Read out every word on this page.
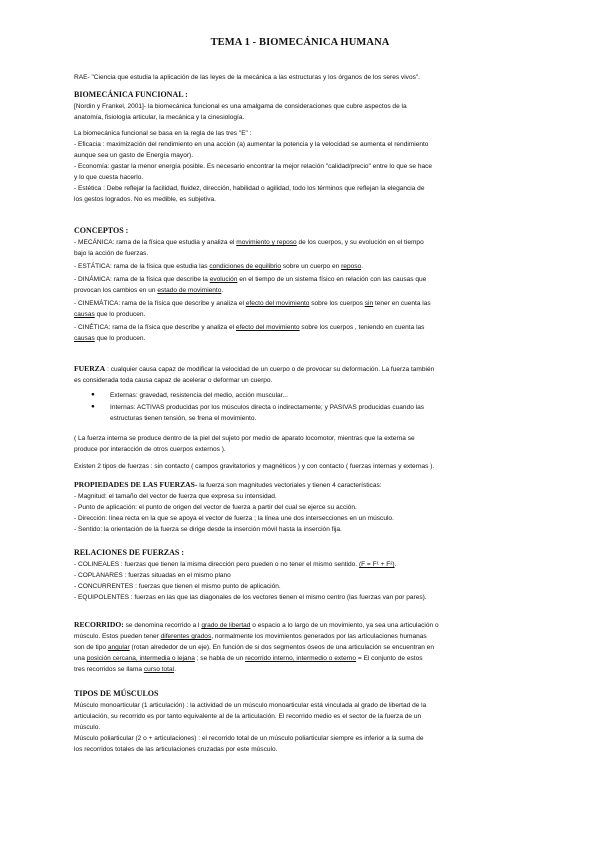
TEMA 1 - BIOMECÁNICA HUMANA
RAE- "Ciencia que estudia la aplicación de las leyes de la mecánica a las estructuras y los órganos de los seres vivos".
BIOMECÁNICA FUNCIONAL :
[Nordin y Frankel, 2001]- la biomecánica funcional es una amalgama de consideraciones que cubre aspectos de la
anatomía, fisiología articular, la mecánica y la cinesiología.
La biomecánica funcional se basa en la regla de las tres "E" :
- Eficacia : maximización del rendimiento en una acción (a) aumentar la potencia y la velocidad se aumenta el rendimiento
aunque sea un gasto de Energía mayor).
- Economía: gastar la menor energía posible. Es necesario encontrar la mejor relación "calidad/precio" entre lo que se hace
y lo que cuesta hacerlo.
- Estética : Debe reflejar la facilidad, fluidez, dirección, habilidad o agilidad, todo los términos que reflejan la elegancia de
los gestos logrados. No es medible, es subjetiva.
CONCEPTOS :
- MECÁNICA: rama de la física que estudia y analiza el movimiento y reposo de los cuerpos, y su evolución en el tiempo
bajo la acción de fuerzas.
- ESTÁTICA: rama de la física que estudia las condiciones de equilibrio sobre un cuerpo en reposo.
- DINÁMICA: rama de la física que describe la evolución en el tiempo de un sistema físico en relación con las causas que
provocan los cambios en un estado de movimiento.
- CINEMÁTICA: rama de la física que describe y analiza el efecto del movimiento sobre los cuerpos sin tener en cuenta las
causas que lo producen.
- CINÉTICA: rama de la física que describe y analiza el efecto del movimiento sobre los cuerpos , teniendo en cuenta las
causas que lo producen.
FUERZA : cualquier causa capaz de modificar la velocidad de un cuerpo o de provocar su deformación. La fuerza también
es considerada toda causa capaz de acelerar o deformar un cuerpo.
● Externas: gravedad, resistencia del medio, acción muscular...
● Internas: ACTIVAS producidas por los músculos directa o indirectamente; y PASIVAS producidas cuando las
estructuras tienen tensión, se frena el movimiento.
( La fuerza interna se produce dentro de la piel del sujeto por medio de aparato locomotor, mientras que la externa se
produce por interacción de otros cuerpos externos ).
Existen 2 tipos de fuerzas : sin contacto ( campos gravitatorios y magnéticos ) y con contacto ( fuerzas internas y externas ).
PROPIEDADES DE LAS FUERZAS- la fuerza son magnitudes vectoriales y tienen 4 características:
- Magnitud: el tamaño del vector de fuerza que expresa su intensidad.
- Punto de aplicación: el punto de origen del vector de fuerza a partir del cual se ejerce su acción.
- Dirección: línea recta en la que se apoya el vector de fuerza ; la línea une dos intersecciones en un músculo.
- Sentido: la orientación de la fuerza se dirige desde la inserción móvil hasta la inserción fija.
RELACIONES DE FUERZAS :
- COLINEALES : fuerzas que tienen la misma dirección pero pueden o no tener el mismo sentido. (F = F¹ + F²).
- COPLANARES : fuerzas situadas en el mismo plano
- CONCURRENTES : fuerzas que tienen el mismo punto de aplicación.
- EQUIPOLENTES : fuerzas en las que las diagonales de los vectores tienen el mismo centro (las fuerzas van por pares).
RECORRIDO: se denomina recorrido a l grado de libertad o espacio a lo largo de un movimiento, ya sea una articulación o
músculo. Estos pueden tener diferentes grados, normalmente los movimientos generados por las articulaciones humanas
son de tipo angular (rotan alrededor de un eje). En función de si dos segmentos óseos de una articulación se encuentran en
una posición cercana, intermedia o lejana ; se habla de un recorrido interno, intermedio o externo = El conjunto de estos
tres recorridos se llama curso total.
TIPOS DE MÚSCULOS
Músculo monoarticular (1 articulación) : la actividad de un músculo monoarticular está vinculada al grado de libertad de la
articulación, su recorrido es por tanto equivalente al de la articulación. El recorrido medio es el sector de la fuerza de un
músculo.
Músculo poliarticular (2 o + articulaciones) : el recorrido total de un músculo poliarticular siempre es inferior a la suma de
los recorridos totales de las articulaciones cruzadas por este músculo.
